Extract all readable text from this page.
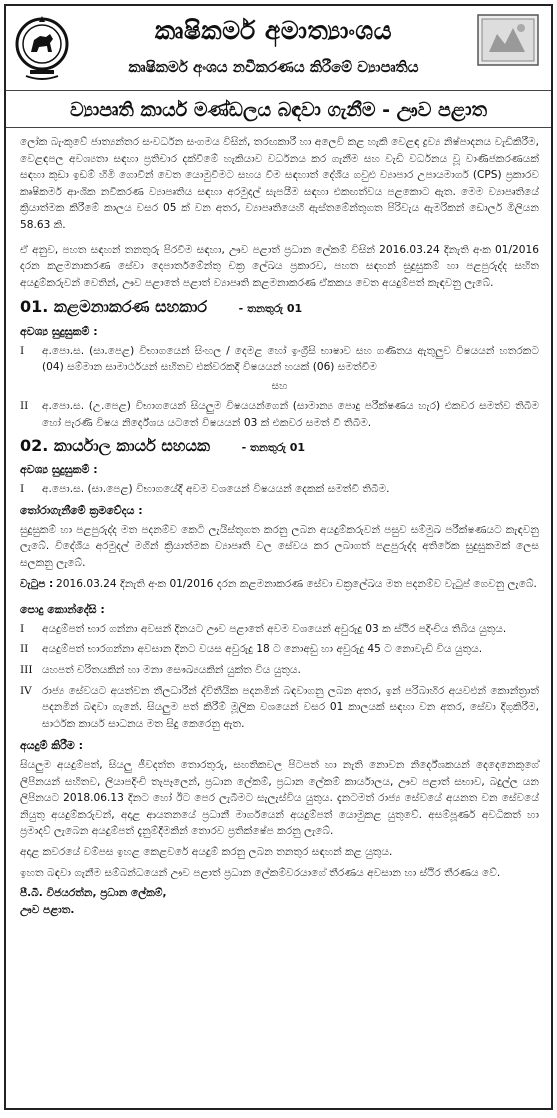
කෘෂිකර්ම අමාත්‍යාංශය
කෘෂිකර්ම අංශය නවීකරණය කිරීමේ ව්‍යාපෘතිය
ව්‍යාපෘති කාර්ය මණ්ඩලය බඳවා ගැනීම - ඌව පළාත

ලෝක බැංකුවේ ජාත්‍යන්තර සංවර්ධන සංගමය විසින්, තරඟකාරී හා අලෙවි කළ හැකි වෙළඳ ද්‍රව්‍ය නිෂ්පාදනය වැඩිකිරීම, වෙළඳපල අවශ්‍යතා සඳහා ප්‍රතිචාර දක්වීමේ හැකියාව වර්ධනය කර ගැනීම සහ වැඩි වර්ධනය වූ වාණිජකරණයක් සඳහා කුඩා ඉඩම් හිමි ගොවීන් වෙත යොමුවීමට සහය වීම සඳහාත් දේශීය ගවුළු ව්‍යාපාර උපායමාර්ග (CPS) ප්‍රකාරව කෘෂිකර්ම ආංශික නවීකරණ ව්‍යාපෘතිය සඳහා අරමුදල් සැපයීම සඳහා එකඟත්වය පළකොට ඇත. මෙම ව්‍යාපෘතියේ ක්‍රියාත්මක කිරීමේ කාලය වසර 05 ක් වන අතර, ව්‍යාපෘතියෙහි ඇස්තමේන්තුගත පිරිවැය ඇමරිකන් ඩොලර් මිලියන 58.63 කි.

ඒ අනුව, පහත සඳහන් තනතුරු පිරවීම සඳහා, ඌව පළාත් ප්‍රධාන ලේකම් විසින් 2016.03.24 දිනැති අංක 01/2016 දරන කළමනාකරණ සේවා දෙපාර්තමේන්තු චක්‍ර ලේඛය ප්‍රකාරව, පහත සඳහන් සුදුසුකම් හා පළපුරුද්ද සහිත අයදුම්කරුවන් වෙතින්, ඌව පළාතේ පළාත් ව්‍යාපෘති කළමනාකරණ ඒකකය වෙත අයදුම්පත් කැඳවනු ලැබේ.

01. කළමනාකරණ සහකාර	- තනතුරු 01
අවශ්‍ය සුදුසුකම් :
I	අ.පො.ස. (සා.පෙළ) විභාගයෙන් සිංහල / දෙමළ හෝ ඉංග්‍රීසි භාෂාව සහ ගණිතය ඇතුලුව විෂයයන් හතරකට (04) සම්මාන සාමාර්ථයන් සහිතව එක්වරකදී විෂයයන් හයක් (06) සමත්වීම
සහ
II	අ.පො.ස. (උ.පෙළ) විභාගයෙන් සියලුම විෂයයන්ගෙන් (සාමාන්‍ය පොදු පරීක්ෂණය හැර) එකවර සමත්ව තිබීම හෝ පැරණි විෂය නිර්දේශය යටතේ විෂයයන් 03 ක් එකවර සමත් වී තිබීම.
02. කාර්යාල කාර්ය සහයක	- තනතුරු 01
අවශ්‍ය සුදුසුකම් :
I	අ.පො.ස. (සා.පෙළ) විභාගයේදී අවම වශයෙන් විෂයයන් දෙකක් සමත්වී තිබීම.
තෝරාගැනීමේ ක්‍රමවේදය :
සුදුසුකම් හා පළපුරුද්ද මත පදනම්ව කෙටි ලැයිස්තුගත කරනු ලබන අයදුම්කරුවන් පසුව සම්මුඛ පරීක්ෂණයට කැඳවනු ලැබේ. විදේශීය අරමුදල් මගින් ක්‍රියාත්මක ව්‍යාපෘති වල සේවය කර ලබාගත් පළපුරුද්ද අතිරේක සුදුසුකමක් ලෙස සලකනු ලැබේ.
වැටුප : 2016.03.24 දිනැති අංක 01/2016 දරන කළමනාකරණ සේවා චක්‍රලේඛය මත පදනම්ව වැටුප් ගෙවනු ලැබේ.
පොදු කොන්දේසි :
I	අයදුම්පත් භාර ගන්නා අවසන් දිනයට ඌව පළාතේ අවම වශයෙන් අවුරුදු 03 ක ස්ථිර පදිංචිය තිබිය යුතුය.
II	අයදුම්පත් භාරගන්නා අවසාන දිනට වයස අවුරුදු 18 ට නොඅඩු හා අවුරුදු 45 ට නොවැඩි විය යුතුය.
III යහපත් චරිතයකින් හා මනා සෞඛ්‍යයකින් යුක්ත විය යුතුය.
IV රාජ්‍ය සේවයට අයත්වන තීලධාරීන් ද්විතීයික පදනමින් බඳවාගනු ලබන අතර, ඉන් පරිබාහිර අයවළුන් කොන්ත්‍රාත් පදනමින් බඳවා ගැනේ. සියලුම පත් කිරීම් මූලික වශයෙන් වසර 01 කාලයක් සඳහා වන අතර, සේවා දිගුකිරීම, සාර්ථක කාර්ය සාධනය මත සිදු කෙරෙනු ඇත.
අයදුම් කිරීම :
සියලුම අයදුම්පත්, සියලු ජීවදත්ත තොරතුරු, සහතිකවල පිටපත් හා නැති නොවන නිර්දේශකයන් දෙදෙනෙකුගේ ලිපිනයන් සහිතව, ලියාපදිංචි තැපෑලෙන්, ප්‍රධාන ලේකම්, ප්‍රධාන ලේකම් කාර්යාලය, ඌව පළාත් සභාව, බදුල්ල යන ලිපිනයට 2018.06.13 දිනට හෝ ඊට පෙර ලැබීමට සැලැස්විය යුතුය. දැනටමත් රාජ්‍ය සේවයේ අයනත වන සේවයේ නියුතු අයදුම්කරුවන්, අදාළ ආයතනයේ ප්‍රධානී මාර්ගයෙන් අයදුම්පත් යොමුකළ යුතුවේ. අසම්පූර්ණ අවධිකත් හා ප්‍රමාදව් ලැබෙන අයදුම්පත් දැනුම්දීමකින් තොරව ප්‍රතික්ෂේප කරනු ලැබේ.
අදාළ කවරයේ වම්පස ඉහළ කෙළවරේ අයදුම් කරනු ලබන තනතුර සඳහන් කළ යුතුය.
ඉහත බඳවා ගැනීම සම්බන්ධයෙන් ඌව පළාත් ප්‍රධාන ලේකම්වරයාගේ තීරණය අවසාන හා ස්ථිර තීරණය වේ.
පී.බී. විජයරත්න, ප්‍රධාන ලේකම්,
ඌව පළාත.
